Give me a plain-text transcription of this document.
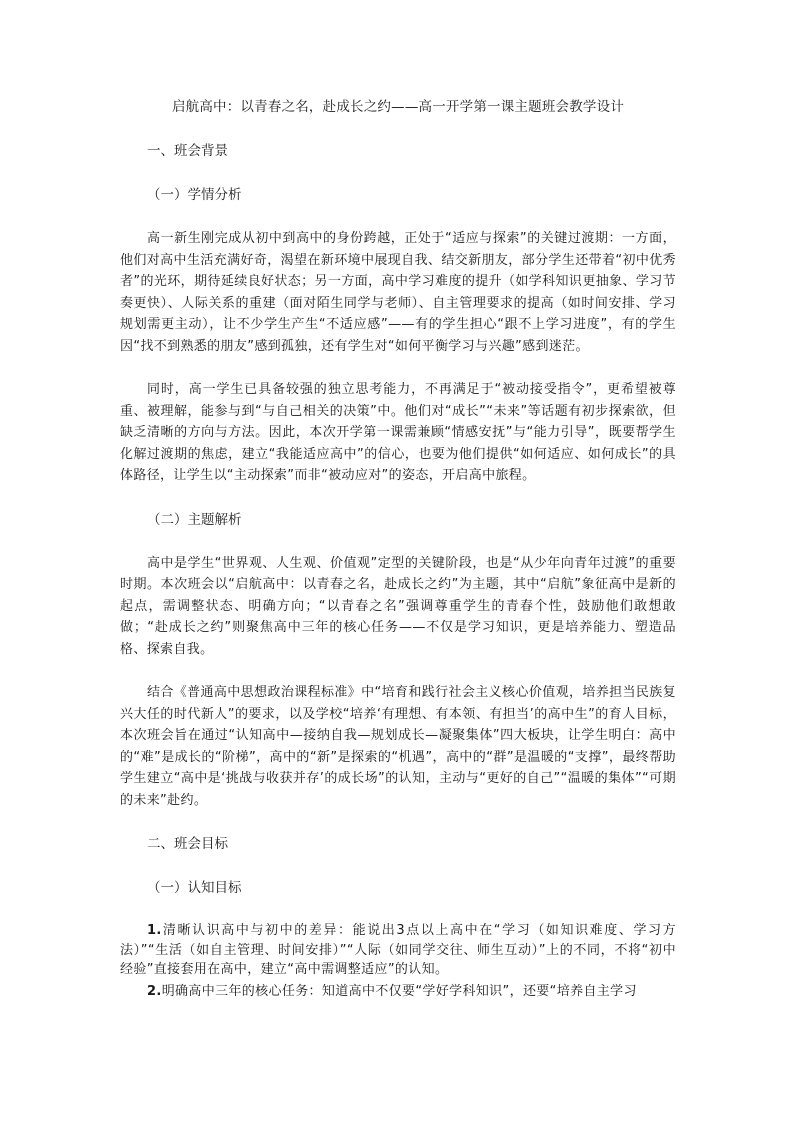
启航高中：以青春之名，赴成长之约——高一开学第一课主题班会教学设计
一、班会背景
（一）学情分析

高一新生刚完成从初中到高中的身份跨越，正处于“适应与探索”的关键过渡期：一方面，他们对高中生活充满好奇，渴望在新环境中展现自我、结交新朋友，部分学生还带着“初中优秀者”的光环，期待延续良好状态；另一方面，高中学习难度的提升（如学科知识更抽象、学习节奏更快）、人际关系的重建（面对陌生同学与老师）、自主管理要求的提高（如时间安排、学习规划需更主动），让不少学生产生“不适应感”——有的学生担心“跟不上学习进度”，有的学生因“找不到熟悉的朋友”感到孤独，还有学生对“如何平衡学习与兴趣”感到迷茫。

同时，高一学生已具备较强的独立思考能力，不再满足于“被动接受指令”，更希望被尊重、被理解，能参与到“与自己相关的决策”中。他们对“成长”“未来”等话题有初步探索欲，但缺乏清晰的方向与方法。因此，本次开学第一课需兼顾“情感安抚”与“能力引导”，既要帮学生化解过渡期的焦虑，建立“我能适应高中”的信心，也要为他们提供“如何适应、如何成长”的具体路径，让学生以“主动探索”而非“被动应对”的姿态，开启高中旅程。

（二）主题解析

高中是学生“世界观、人生观、价值观”定型的关键阶段，也是“从少年向青年过渡”的重要时期。本次班会以“启航高中：以青春之名，赴成长之约”为主题，其中“启航”象征高中是新的起点，需调整状态、明确方向；“以青春之名”强调尊重学生的青春个性，鼓励他们敢想敢做；“赴成长之约”则聚焦高中三年的核心任务——不仅是学习知识，更是培养能力、塑造品格、探索自我。

结合《普通高中思想政治课程标准》中“培育和践行社会主义核心价值观，培养担当民族复兴大任的时代新人”的要求，以及学校“培养‘有理想、有本领、有担当’的高中生”的育人目标，本次班会旨在通过“认知高中—接纳自我—规划成长—凝聚集体”四大板块，让学生明白：高中的“难”是成长的“阶梯”，高中的“新”是探索的“机遇”，高中的“群”是温暖的“支撑”，最终帮助学生建立“高中是‘挑战与收获并存’的成长场”的认知，主动与“更好的自己”“温暖的集体”“可期的未来”赴约。

二、班会目标
（一）认知目标

1.清晰认识高中与初中的差异：能说出3点以上高中在“学习（如知识难度、学习方法）”“生活（如自主管理、时间安排）”“人际（如同学交往、师生互动）”上的不同，不将“初中经验”直接套用在高中，建立“高中需调整适应”的认知。

2.明确高中三年的核心任务：知道高中不仅要“学好学科知识”，还要“培养自主学习
